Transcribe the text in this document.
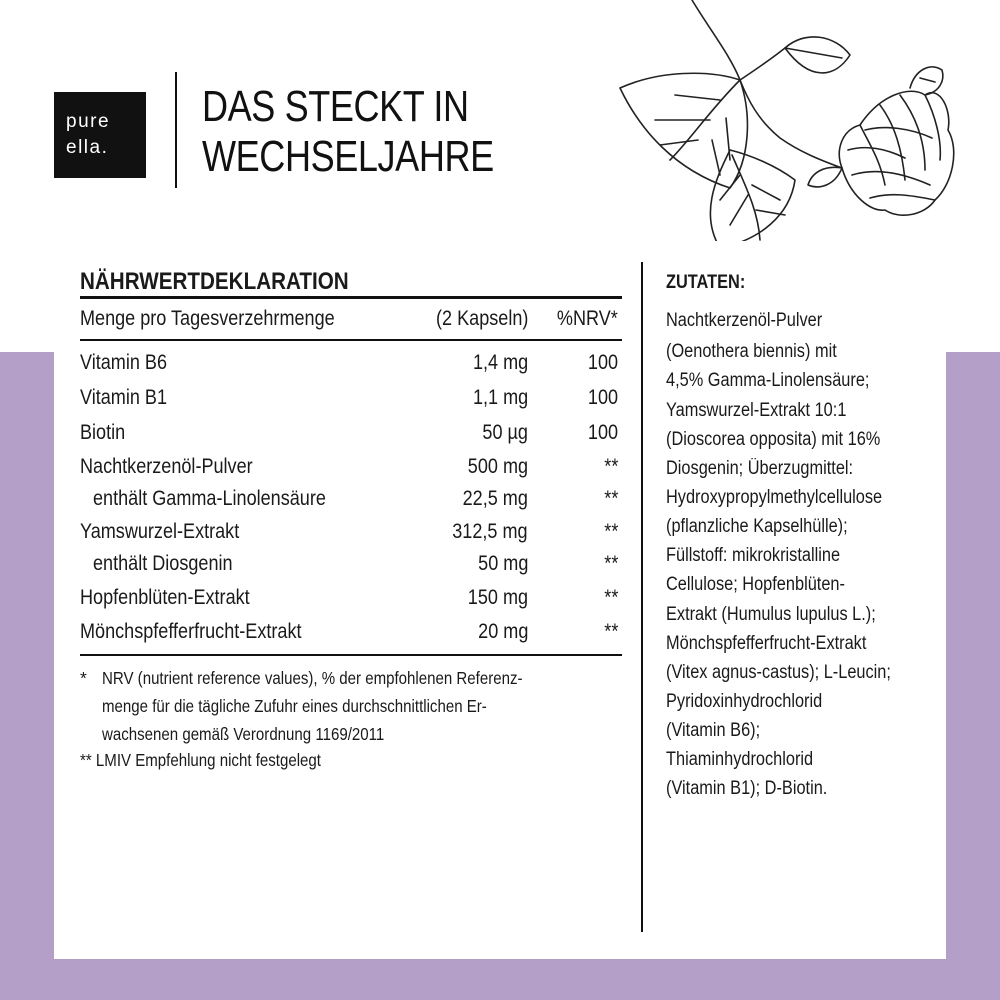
pure
ella.
DAS STECKT IN
WECHSELJAHRE
NÄHRWERTDEKLARATION
Menge pro Tagesverzehrmenge	(2 Kapseln)	%NRV*
Vitamin B6	1,4 mg	100
Vitamin B1	1,1 mg	100
Biotin	50 µg	100
Nachtkerzenöl-Pulver	500 mg	**
enthält Gamma-Linolensäure	22,5 mg	**
Yamswurzel-Extrakt	312,5 mg	**
enthält Diosgenin	50 mg	**
Hopfenblüten-Extrakt	150 mg	**
Mönchspfefferfrucht-Extrakt	20 mg	**
* NRV (nutrient reference values), % der empfohlenen Referenz-
menge für die tägliche Zufuhr eines durchschnittlichen Er-
wachsenen gemäß Verordnung 1169/2011
** LMIV Empfehlung nicht festgelegt
ZUTATEN:
Nachtkerzenöl-Pulver
(Oenothera biennis) mit
4,5% Gamma-Linolensäure;
Yamswurzel-Extrakt 10:1
(Dioscorea opposita) mit 16%
Diosgenin; Überzugmittel:
Hydroxypropylmethylcellulose
(pflanzliche Kapselhülle);
Füllstoff: mikrokristalline
Cellulose; Hopfenblüten-
Extrakt (Humulus lupulus L.);
Mönchspfefferfrucht-Extrakt
(Vitex agnus-castus); L-Leucin;
Pyridoxinhydrochlorid
(Vitamin B6);
Thiaminhydrochlorid
(Vitamin B1); D-Biotin.
